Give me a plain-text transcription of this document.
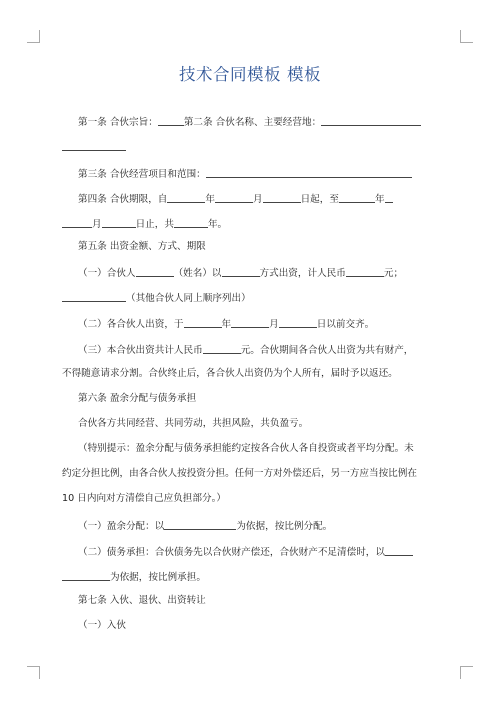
技术合同模板 模板
第一条 合伙宗旨：	第二条 合伙名称、主要经营地：
第三条 合伙经营项目和范围：
第四条 合伙期限，自	年	月	日起，至	年
月	日止，共	年。
第五条 出资金额、方式、期限
（一）合伙人	（姓名）以	方式出资，计人民币	元；
（其他合伙人同上顺序列出）
（二）各合伙人出资，于	年	月	日以前交齐。
（三）本合伙出资共计人民币	元。合伙期间各合伙人出资为共有财产，
不得随意请求分割。合伙终止后，各合伙人出资仍为个人所有，届时予以返还。
第六条 盈余分配与债务承担
合伙各方共同经营、共同劳动，共担风险，共负盈亏。
（特别提示：盈余分配与债务承担能约定按各合伙人各自投资或者平均分配。未
约定分担比例，由各合伙人按投资分担。任何一方对外偿还后，另一方应当按比例在
10 日内向对方清偿自己应负担部分。）
（一）盈余分配：以	为依据，按比例分配。
（二）债务承担：合伙债务先以合伙财产偿还，合伙财产不足清偿时，以
为依据，按比例承担。
第七条 入伙、退伙、出资转让
（一）入伙
